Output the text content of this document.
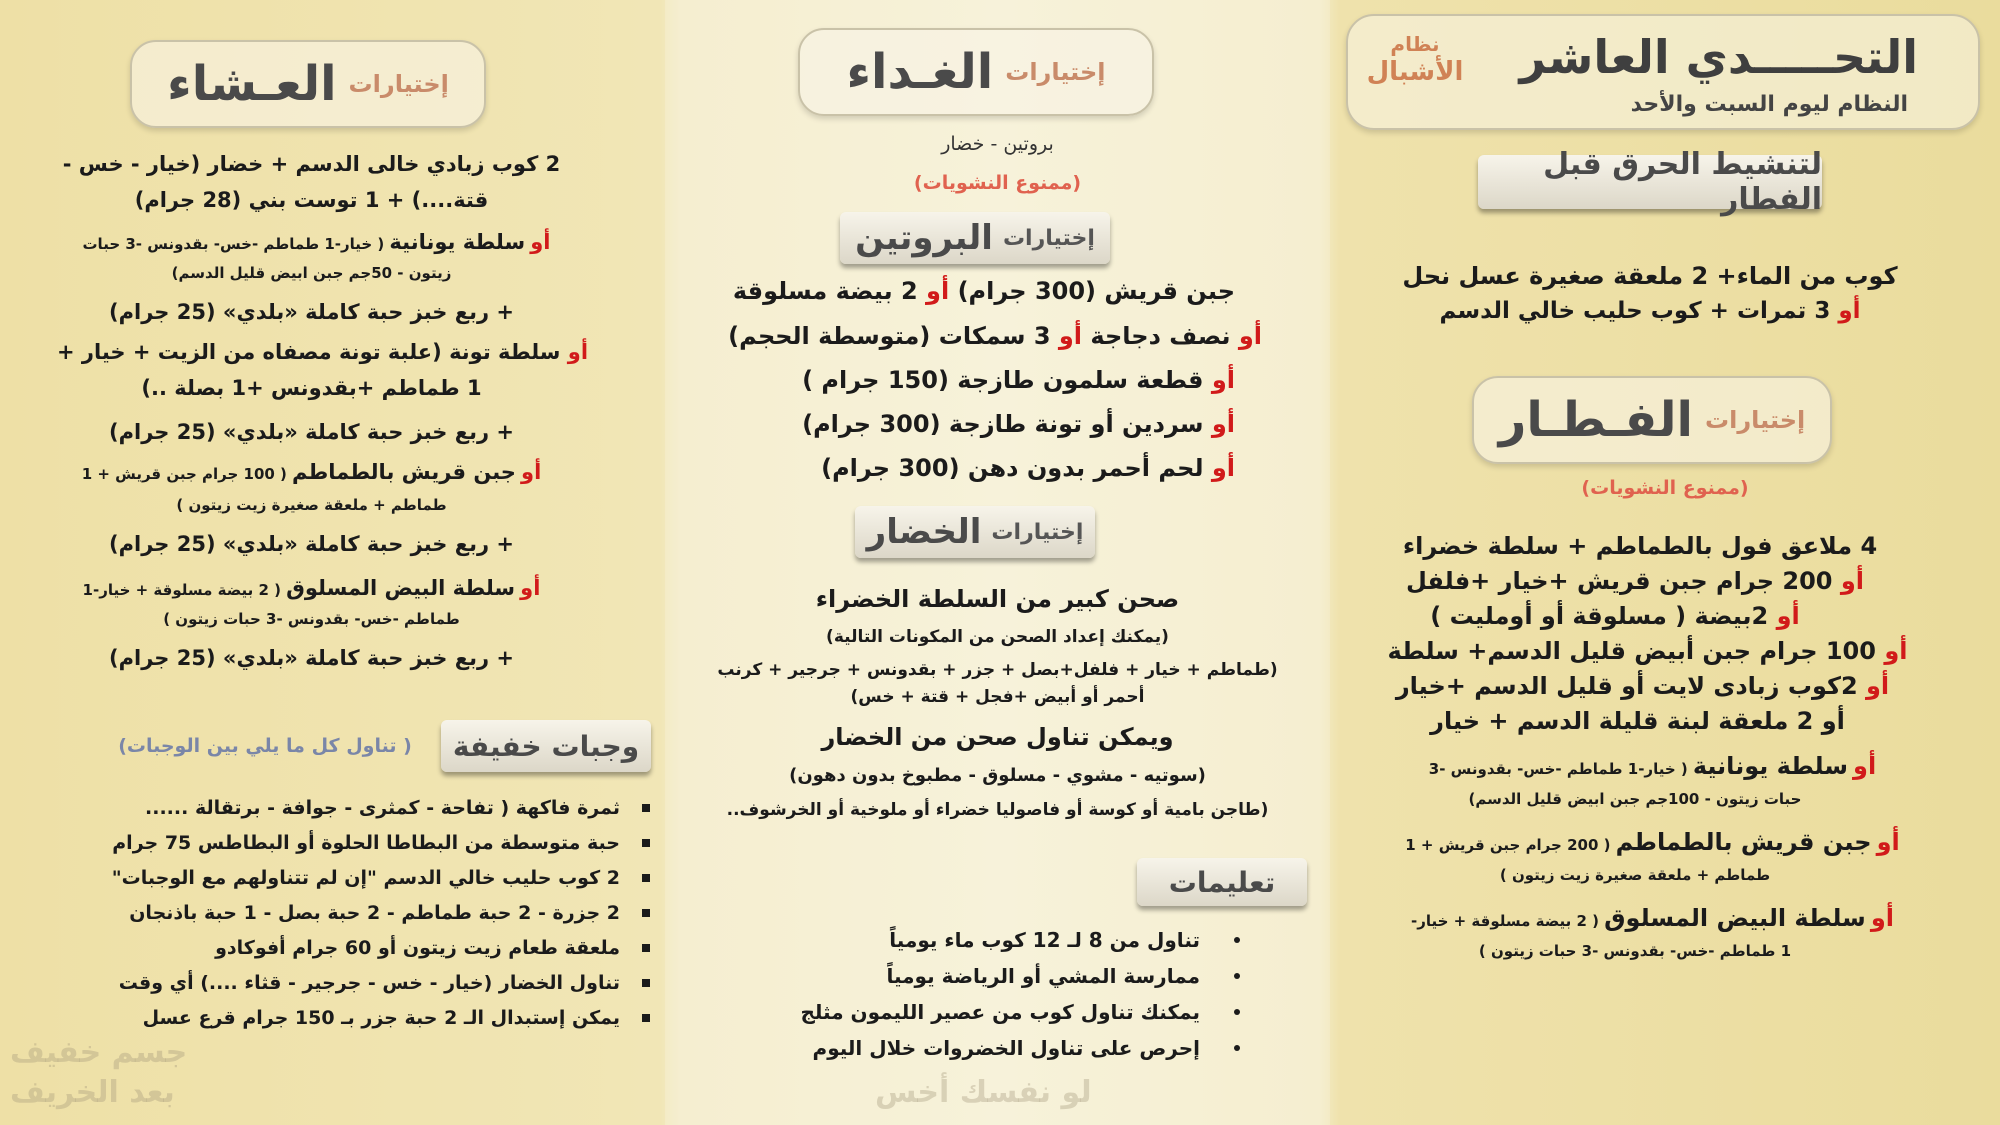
إختيارات
العـشاء
2 كوب زبادي خالى الدسم + خضار (خيار - خس -
قتة....) + 1 توست بني (28 جرام)
أو سلطة يونانية ( خيار-1 طماطم -خس- بقدونس -3 حبات
زيتون - 50جم جبن ابيض قليل الدسم)
+ ربع خبز حبة كاملة «بلدي» (25 جرام)
أو سلطة تونة (علبة تونة مصفاه من الزيت + خيار +
1 طماطم +بقدونس +1 بصلة ..)
+ ربع خبز حبة كاملة «بلدي» (25 جرام)
أو جبن قريش بالطماطم ( 100 جرام جبن قريش + 1
طماطم + ملعقة صغيرة زيت زيتون )
+ ربع خبز حبة كاملة «بلدي» (25 جرام)
أو سلطة البيض المسلوق ( 2 بيضة مسلوقة + خيار-1
طماطم -خس- بقدونس -3 حبات زيتون )
+ ربع خبز حبة كاملة «بلدي» (25 جرام)
وجبات خفيفة
( تناول كل ما يلي بين الوجبات)
ثمرة فاكهة ( تفاحة - كمثرى - جوافة - برتقالة ......
حبة متوسطة من البطاطا الحلوة أو البطاطس 75 جرام
2 كوب حليب خالي الدسم "إن لم تتناولهم مع الوجبات"
2 جزرة - 2 حبة طماطم - 2 حبة بصل - 1 حبة باذنجان
ملعقة طعام زيت زيتون أو 60 جرام أفوكادو
تناول الخضار (خيار - خس - جرجير - قثاء ....) أي وقت
يمكن إستبدال الـ 2 حبة جزر بـ 150 جرام قرع عسل
جسم خفيف
بعد الخريف
إختيارات
الغـداء
بروتين - خضار
(ممنوع النشويات)
إختيارات
البروتين
جبن قريش (300 جرام) أو 2 بيضة مسلوقة
أو نصف دجاجة أو 3 سمكات (متوسطة الحجم)
أو قطعة سلمون طازجة (150 جرام )
أو سردين أو تونة طازجة (300 جرام)
أو لحم أحمر بدون دهن (300 جرام)
إختيارات
الخضار
صحن كبير من السلطة الخضراء
(يمكنك إعداد الصحن من المكونات التالية)
(طماطم + خيار + فلفل+بصل + جزر + بقدونس + جرجير + كرنب
أحمر أو أبيض +فجل + قتة + خس)
ويمكن تناول صحن من الخضار
(سوتيه - مشوي - مسلوق - مطبوخ بدون دهون)
(طاجن بامية أو كوسة أو فاصوليا خضراء أو ملوخية أو الخرشوف..
تعليمات
تناول من 8 لـ 12 كوب ماء يومياً
ممارسة المشي أو الرياضة يومياً
يمكنك تناول كوب من عصير الليمون مثلج
إحرص على تناول الخضروات خلال اليوم
لو نفسك أخس
التحـــــدي العاشر
النظام ليوم السبت والأحد
نظام
الأشبال
لتنشيط الحرق قبل الفطار
كوب من الماء+ 2 ملعقة صغيرة عسل نحل
أو 3 تمرات + كوب حليب خالي الدسم
إختيارات
الفـطـار
(ممنوع النشويات)
4 ملاعق فول بالطماطم + سلطة خضراء
أو 200 جرام جبن قريش +خيار +فلفل
أو 2بيضة ( مسلوقة أو أومليت )
أو 100 جرام جبن أبيض قليل الدسم+ سلطة
أو 2كوب زبادى لايت أو قليل الدسم +خيار
أو 2 ملعقة لبنة قليلة الدسم + خيار
أو سلطة يونانية ( خيار-1 طماطم -خس- بقدونس -3
حبات زيتون - 100جم جبن ابيض قليل الدسم)
أو جبن قريش بالطماطم ( 200 جرام جبن قريش + 1
طماطم + ملعقة صغيرة زيت زيتون )
أو سلطة البيض المسلوق ( 2 بيضة مسلوقة + خيار-
1 طماطم -خس- بقدونس -3 حبات زيتون )
